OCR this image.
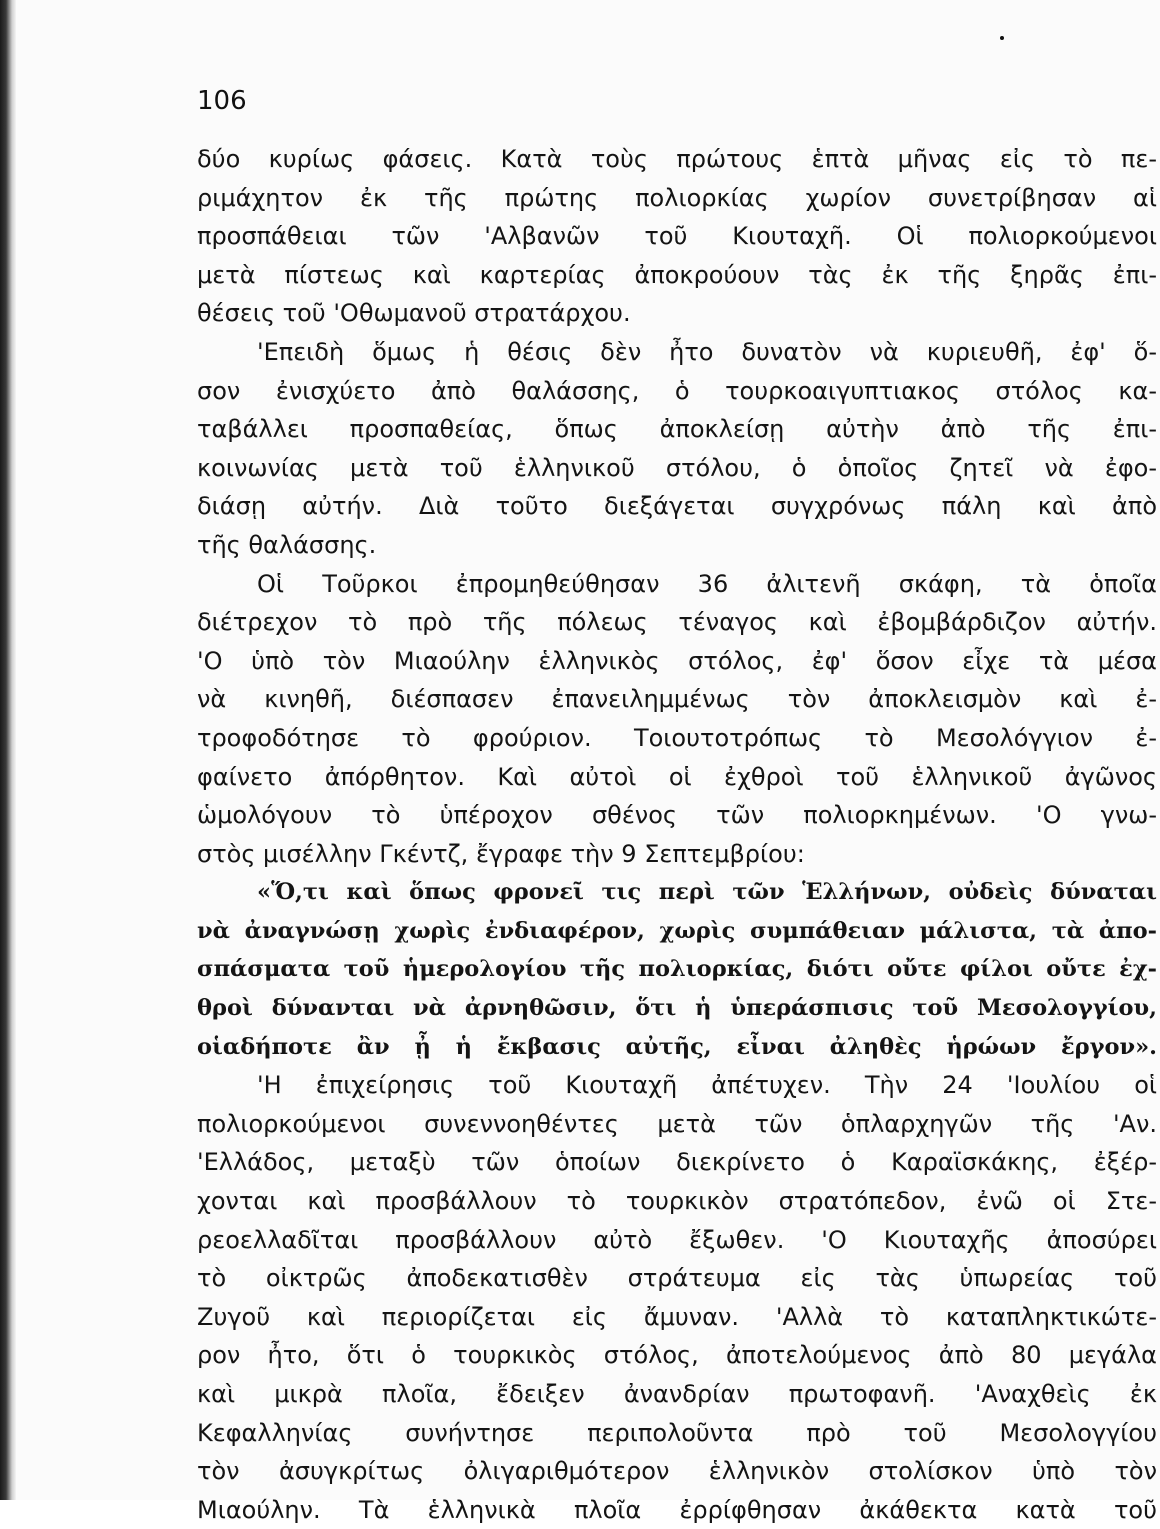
106
δύο κυρίως φάσεις. Κατὰ τοὺς πρώτους ἑπτὰ μῆνας εἰς τὸ πε-
ριμάχητον ἐκ τῆς πρώτης πολιορκίας χωρίον συνετρίβησαν αἱ
προσπάθειαι τῶν 'Αλβανῶν τοῦ Κιουταχῆ. Οἱ πολιορκούμενοι
μετὰ πίστεως καὶ καρτερίας ἀποκρούουν τὰς ἐκ τῆς ξηρᾶς ἐπι-
θέσεις τοῦ 'Οθωμανοῦ στρατάρχου.
'Επειδὴ ὅμως ἡ θέσις δὲν ἦτο δυνατὸν νὰ κυριευθῆ, ἐφ' ὅ-
σον ἐνισχύετο ἀπὸ θαλάσσης, ὁ τουρκοαιγυπτιακος στόλος κα-
ταβάλλει προσπαθείας, ὅπως ἀποκλείσῃ αὐτὴν ἀπὸ τῆς ἐπι-
κοινωνίας μετὰ τοῦ ἑλληνικοῦ στόλου, ὁ ὁποῖος ζητεῖ νὰ ἐφο-
διάσῃ αὐτήν. Διὰ τοῦτο διεξάγεται συγχρόνως πάλη καὶ ἀπὸ
τῆς θαλάσσης.
Οἱ Τοῦρκοι ἐπρομηθεύθησαν 36 ἀλιτενῆ σκάφη, τὰ ὁποῖα
διέτρεχον τὸ πρὸ τῆς πόλεως τέναγος καὶ ἐβομβάρδιζον αὐτήν.
'Ο ὑπὸ τὸν Μιαούλην ἑλληνικὸς στόλος, ἐφ' ὅσον εἶχε τὰ μέσα
νὰ κινηθῆ, διέσπασεν ἐπανειλημμένως τὸν ἀποκλεισμὸν καὶ ἐ-
τροφοδότησε τὸ φρούριον. Τοιουτοτρόπως τὸ Μεσολόγγιον ἐ-
φαίνετο ἀπόρθητον. Καὶ αὐτοὶ οἱ ἐχθροὶ τοῦ ἑλληνικοῦ ἀγῶνος
ὡμολόγουν τὸ ὑπέροχον σθένος τῶν πολιορκημένων. 'Ο γνω-
στὸς μισέλλην Γκέντζ, ἔγραφε τὴν 9 Σεπτεμβρίου:
«Ὅ,τι καὶ ὅπως φρονεῖ τις περὶ τῶν Ἑλλήνων, οὐδεὶς δύναται
νὰ ἀναγνώσῃ χωρὶς ἐνδιαφέρον, χωρὶς συμπάθειαν μάλιστα, τὰ ἀπο-
σπάσματα τοῦ ἡμερολογίου τῆς πολιορκίας, διότι οὔτε φίλοι οὔτε ἐχ-
θροὶ δύνανται νὰ ἀρνηθῶσιν, ὅτι ἡ ὑπεράσπισις τοῦ Μεσολογγίου,
οἱαδήποτε ἂν ᾖ ἡ ἔκβασις αὐτῆς, εἶναι ἀληθὲς ἡρώων ἔργον».
'Η ἐπιχείρησις τοῦ Κιουταχῆ ἀπέτυχεν. Τὴν 24 'Ιουλίου οἱ
πολιορκούμενοι συνεννοηθέντες μετὰ τῶν ὁπλαρχηγῶν τῆς 'Αν.
'Ελλάδος, μεταξὺ τῶν ὁποίων διεκρίνετο ὁ Καραϊσκάκης, ἐξέρ-
χονται καὶ προσβάλλουν τὸ τουρκικὸν στρατόπεδον, ἐνῶ οἱ Στε-
ρεοελλαδῖται προσβάλλουν αὐτὸ ἔξωθεν. 'Ο Κιουταχῆς ἀποσύρει
τὸ οἰκτρῶς ἀποδεκατισθὲν στράτευμα εἰς τὰς ὑπωρείας τοῦ
Ζυγοῦ καὶ περιορίζεται εἰς ἄμυναν. 'Αλλὰ τὸ καταπληκτικώτε-
ρον ἦτο, ὅτι ὁ τουρκικὸς στόλος, ἀποτελούμενος ἀπὸ 80 μεγάλα
καὶ μικρὰ πλοῖα, ἔδειξεν ἀνανδρίαν πρωτοφανῆ. 'Αναχθεὶς ἐκ
Κεφαλληνίας συνήντησε περιπολοῦντα πρὸ τοῦ Μεσολογγίου
τὸν ἀσυγκρίτως ὀλιγαριθμότερον ἑλληνικὸν στολίσκον ὑπὸ τὸν
Μιαούλην. Τὰ ἑλληνικὰ πλοῖα ἐρρίφθησαν ἀκάθεκτα κατὰ τοῦ
